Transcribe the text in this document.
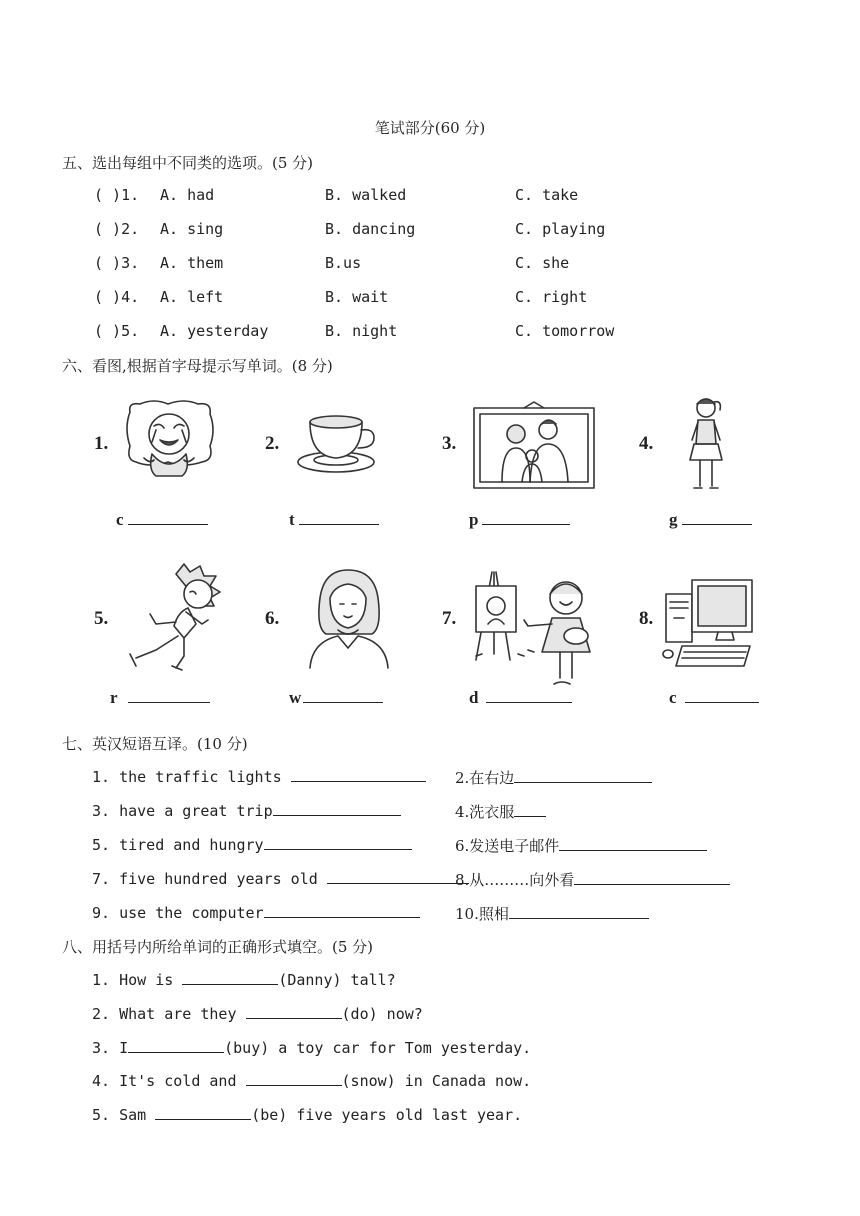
笔试部分(60 分)
五、选出每组中不同类的选项。(5 分)
( )1. A. had	B. walked	C. take
( )2. A. sing	B. dancing	C. playing
( )3. A. them	B.us	C. she
( )4. A. left	B. wait	C. right
( )5. A. yesterday	B. night	C. tomorrow
六、看图,根据首字母提示写单词。(8 分)
1.	2.	3.	4.
c	t	p	g
5.	6.	7.	8.
r	w	d	c
七、英汉短语互译。(10 分)
1. the traffic lights	2.在右边
3. have a great trip	4.洗衣服
5. tired and hungry	6.发送电子邮件
7. five hundred years old	8.从………向外看
9. use the computer	10.照相
八、用括号内所给单词的正确形式填空。(5 分)
1. How is	(Danny) tall?
2. What are they	(do) now?
3. I	(buy) a toy car for Tom yesterday.
4. It's cold and	(snow) in Canada now.
5. Sam	(be) five years old last year.
